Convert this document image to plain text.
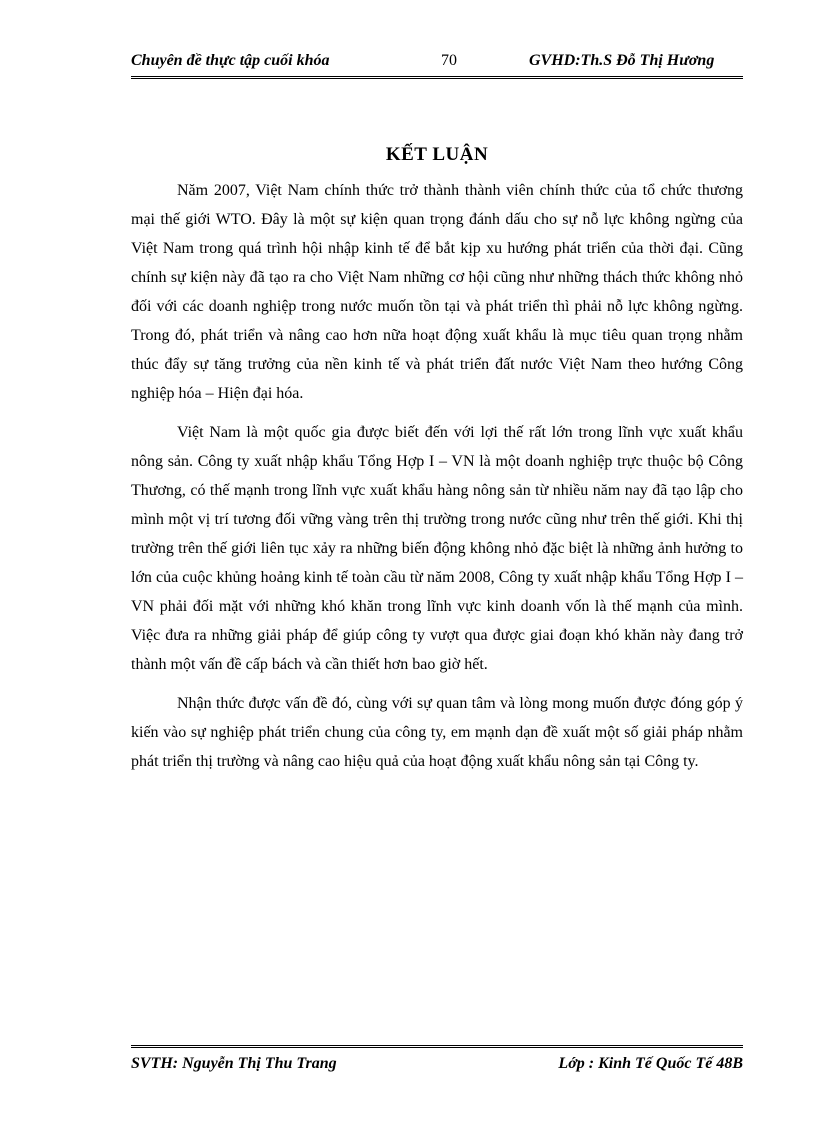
Chuyên đề thực tập cuối khóa	70	GVHD:Th.S Đỗ Thị Hương
KẾT LUẬN

Năm 2007, Việt Nam chính thức trở thành thành viên chính thức của tổ chức thương mại thế giới WTO. Đây là một sự kiện quan trọng đánh dấu cho sự nỗ lực không ngừng của Việt Nam trong quá trình hội nhập kinh tế để bắt kịp xu hướng phát triển của thời đại. Cũng chính sự kiện này đã tạo ra cho Việt Nam những cơ hội cũng như những thách thức không nhỏ đối với các doanh nghiệp trong nước muốn tồn tại và phát triển thì phải nỗ lực không ngừng. Trong đó, phát triển và nâng cao hơn nữa hoạt động xuất khẩu là mục tiêu quan trọng nhằm thúc đẩy sự tăng trưởng của nền kinh tế và phát triển đất nước Việt Nam theo hướng Công nghiệp hóa – Hiện đại hóa.

Việt Nam là một quốc gia được biết đến với lợi thế rất lớn trong lĩnh vực xuất khẩu nông sản. Công ty xuất nhập khẩu Tổng Hợp I – VN là một doanh nghiệp trực thuộc bộ Công Thương, có thế mạnh trong lĩnh vực xuất khẩu hàng nông sản từ nhiều năm nay đã tạo lập cho mình một vị trí tương đối vững vàng trên thị trường trong nước cũng như trên thế giới. Khi thị trường trên thế giới liên tục xảy ra những biến động không nhỏ đặc biệt là những ảnh hưởng to lớn của cuộc khủng hoảng kinh tế toàn cầu từ năm 2008, Công ty xuất nhập khẩu Tổng Hợp I – VN phải đối mặt với những khó khăn trong lĩnh vực kinh doanh vốn là thế mạnh của mình. Việc đưa ra những giải pháp để giúp công ty vượt qua được giai đoạn khó khăn này đang trở thành một vấn đề cấp bách và cần thiết hơn bao giờ hết.

Nhận thức được vấn đề đó, cùng với sự quan tâm và lòng mong muốn được đóng góp ý kiến vào sự nghiệp phát triển chung của công ty, em mạnh dạn đề xuất một số giải pháp nhằm phát triển thị trường và nâng cao hiệu quả của hoạt động xuất khẩu nông sản tại Công ty.

SVTH: Nguyễn Thị Thu Trang	Lớp : Kinh Tế Quốc Tế 48B
